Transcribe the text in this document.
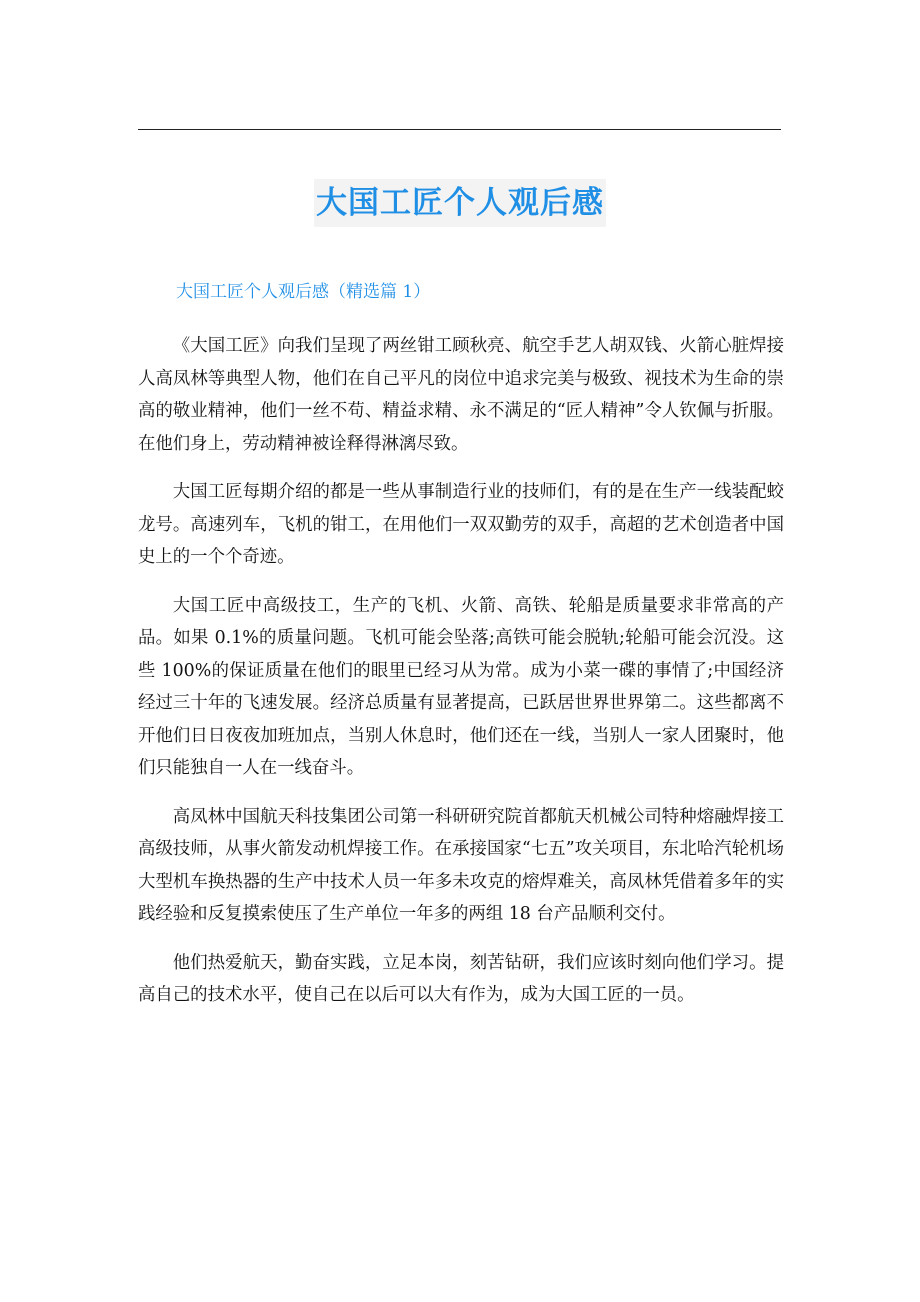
大国工匠个人观后感
大国工匠个人观后感（精选篇 1）

《大国工匠》向我们呈现了两丝钳工顾秋亮、航空手艺人胡双钱、火箭心脏焊接人高凤林等典型人物，他们在自己平凡的岗位中追求完美与极致、视技术为生命的崇高的敬业精神，他们一丝不苟、精益求精、永不满足的“匠人精神”令人钦佩与折服。在他们身上，劳动精神被诠释得淋漓尽致。

大国工匠每期介绍的都是一些从事制造行业的技师们，有的是在生产一线装配蛟龙号。高速列车，飞机的钳工，在用他们一双双勤劳的双手，高超的艺术创造者中国史上的一个个奇迹。

大国工匠中高级技工，生产的飞机、火箭、高铁、轮船是质量要求非常高的产品。如果 0.1%的质量问题。飞机可能会坠落;高铁可能会脱轨;轮船可能会沉没。这些 100%的保证质量在他们的眼里已经习从为常。成为小菜一碟的事情了;中国经济经过三十年的飞速发展。经济总质量有显著提高，已跃居世界世界第二。这些都离不开他们日日夜夜加班加点，当别人休息时，他们还在一线，当别人一家人团聚时，他们只能独自一人在一线奋斗。

高凤林中国航天科技集团公司第一科研研究院首都航天机械公司特种熔融焊接工高级技师，从事火箭发动机焊接工作。在承接国家“七五”攻关项目，东北哈汽轮机场大型机车换热器的生产中技术人员一年多未攻克的熔焊难关，高凤林凭借着多年的实践经验和反复摸索使压了生产单位一年多的两组 18 台产品顺利交付。

他们热爱航天，勤奋实践，立足本岗，刻苦钻研，我们应该时刻向他们学习。提高自己的技术水平，使自己在以后可以大有作为，成为大国工匠的一员。
